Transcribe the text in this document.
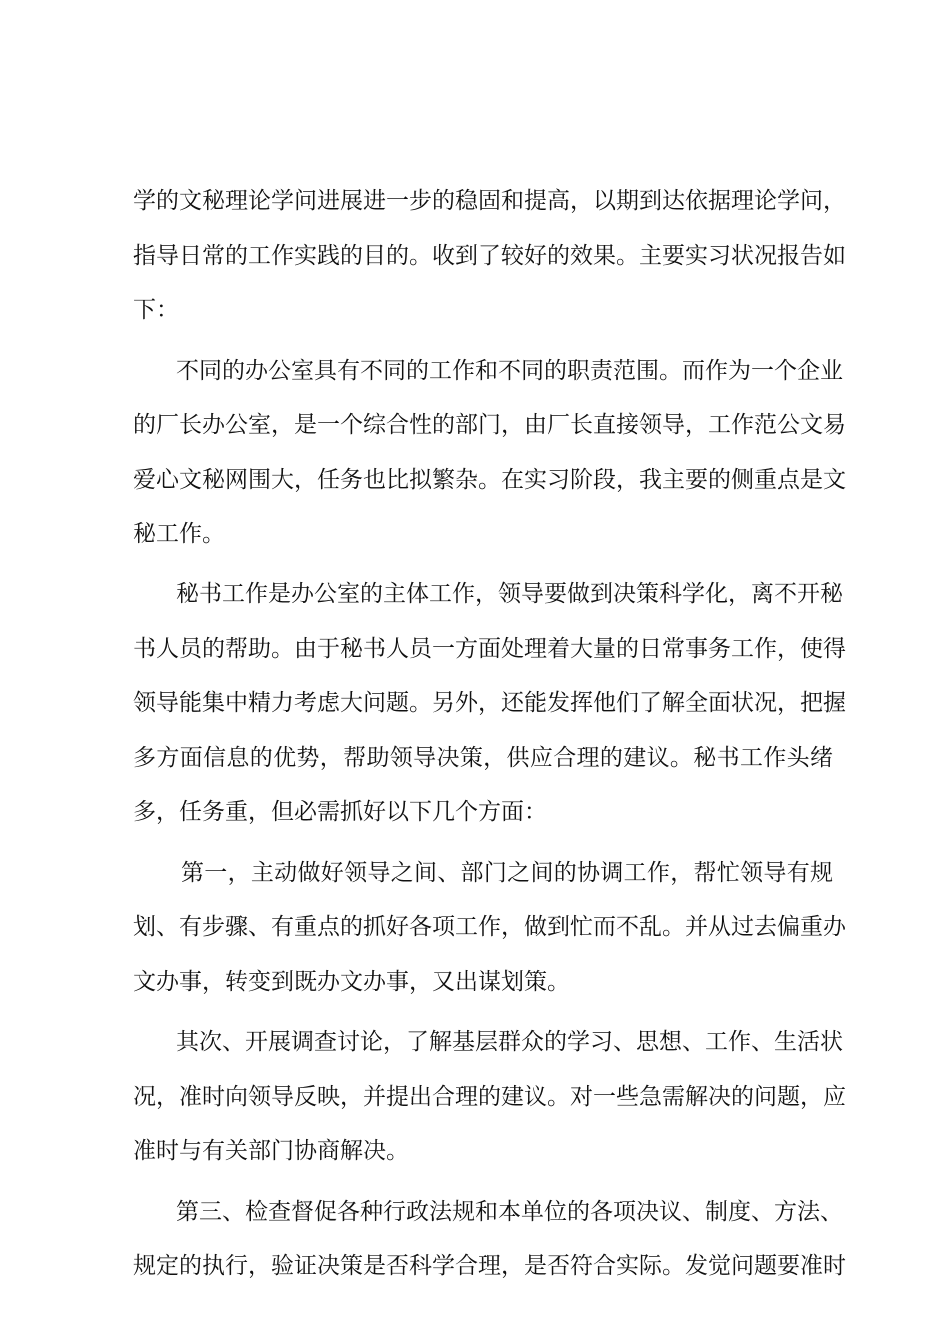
学的文秘理论学问进展进一步的稳固和提高，以期到达依据理论学问，
指导日常的工作实践的目的。收到了较好的效果。主要实习状况报告如
下：
不同的办公室具有不同的工作和不同的职责范围。而作为一个企业
的厂长办公室，是一个综合性的部门，由厂长直接领导，工作范公文易
爱心文秘网围大，任务也比拟繁杂。在实习阶段，我主要的侧重点是文
秘工作。
秘书工作是办公室的主体工作，领导要做到决策科学化，离不开秘
书人员的帮助。由于秘书人员一方面处理着大量的日常事务工作，使得
领导能集中精力考虑大问题。另外，还能发挥他们了解全面状况，把握
多方面信息的优势，帮助领导决策，供应合理的建议。秘书工作头绪
多，任务重，但必需抓好以下几个方面：
第一，主动做好领导之间、部门之间的协调工作，帮忙领导有规
划、有步骤、有重点的抓好各项工作，做到忙而不乱。并从过去偏重办
文办事，转变到既办文办事，又出谋划策。
其次、开展调查讨论，了解基层群众的学习、思想、工作、生活状
况，准时向领导反映，并提出合理的建议。对一些急需解决的问题，应
准时与有关部门协商解决。
第三、检查督促各种行政法规和本单位的各项决议、制度、方法、
规定的执行，验证决策是否科学合理，是否符合实际。发觉问题要准时
